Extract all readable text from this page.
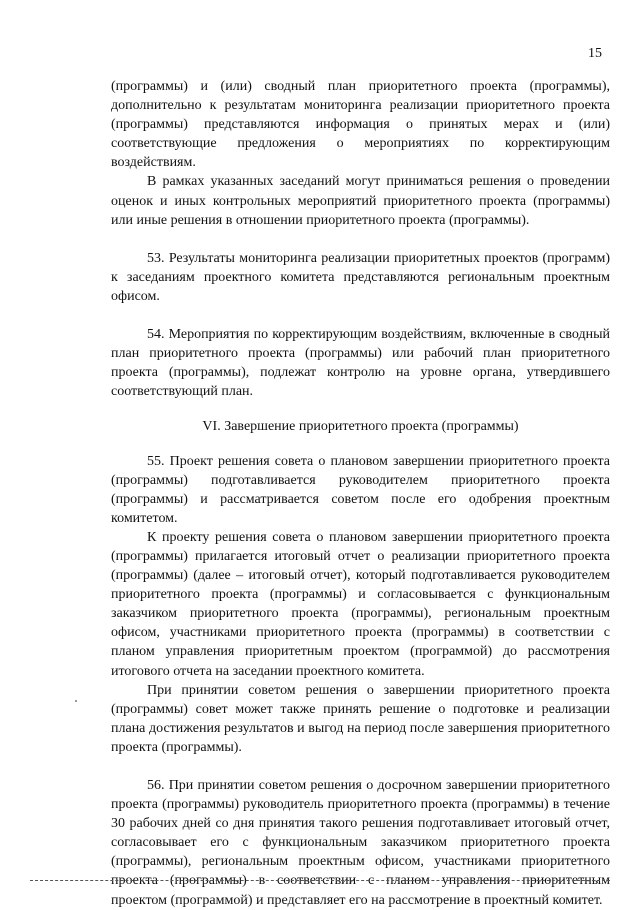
15

(программы) и (или) сводный план приоритетного проекта (программы), дополнительно к результатам мониторинга реализации приоритетного проекта (программы) представляются информация о принятых мерах и (или) соответствующие предложения о мероприятиях по корректирующим воздействиям.

В рамках указанных заседаний могут приниматься решения о проведении оценок и иных контрольных мероприятий приоритетного проекта (программы) или иные решения в отношении приоритетного проекта (программы).

53. Результаты мониторинга реализации приоритетных проектов (программ) к заседаниям проектного комитета представляются региональным проектным офисом.

54. Мероприятия по корректирующим воздействиям, включенные в сводный план приоритетного проекта (программы) или рабочий план приоритетного проекта (программы), подлежат контролю на уровне органа, утвердившего соответствующий план.

VI. Завершение приоритетного проекта (программы)

55. Проект решения совета о плановом завершении приоритетного проекта (программы) подготавливается руководителем приоритетного проекта (программы) и рассматривается советом после его одобрения проектным комитетом.

К проекту решения совета о плановом завершении приоритетного проекта (программы) прилагается итоговый отчет о реализации приоритетного проекта (программы) (далее – итоговый отчет), который подготавливается руководителем приоритетного проекта (программы) и согласовывается с функциональным заказчиком приоритетного проекта (программы), региональным проектным офисом, участниками приоритетного проекта (программы) в соответствии с планом управления приоритетным проектом (программой) до рассмотрения итогового отчета на заседании проектного комитета.

При принятии советом решения о завершении приоритетного проекта (программы) совет может также принять решение о подготовке и реализации плана достижения результатов и выгод на период после завершения приоритетного проекта (программы).

56. При принятии советом решения о досрочном завершении приоритетного проекта (программы) руководитель приоритетного проекта (программы) в течение 30 рабочих дней со дня принятия такого решения подготавливает итоговый отчет, согласовывает его с функциональным заказчиком приоритетного проекта (программы), региональным проектным офисом, участниками приоритетного проекта (программы) в соответствии с планом управления приоритетным проектом (программой) и представляет его на рассмотрение в проектный комитет.
